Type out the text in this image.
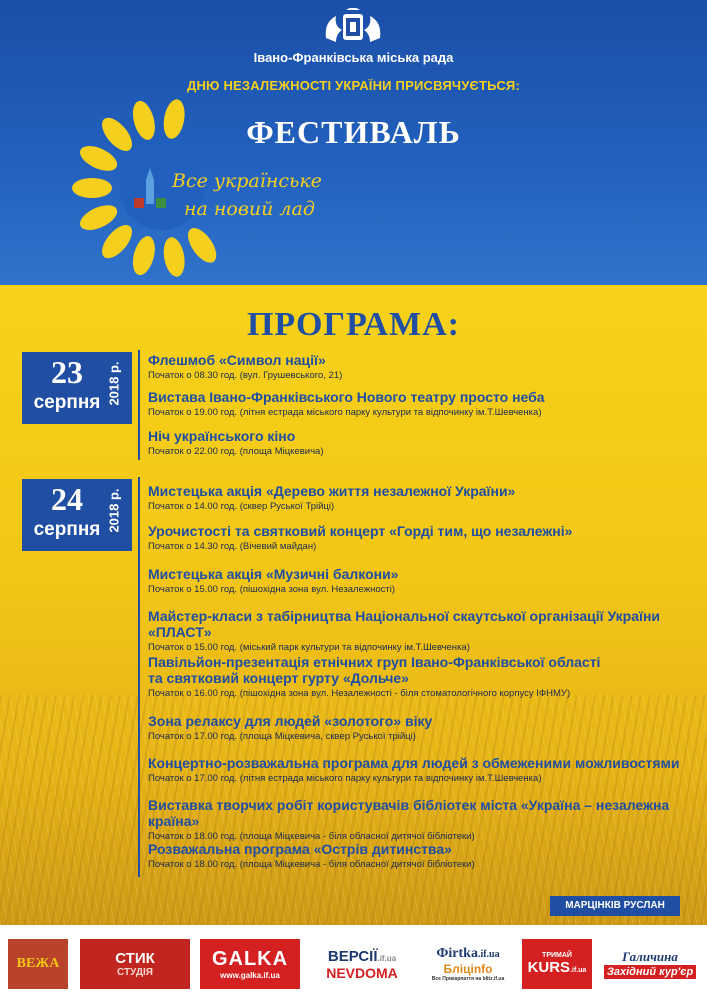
Івано-Франківська міська рада
ДНЮ НЕЗАЛЕЖНОСТІ УКРАЇНИ ПРИСВЯЧУЄТЬСЯ:
ФЕСТИВАЛЬ
Все українське
на новий лад
ПРОГРАМА:
23
серпня 2018 р.
Флешмоб «Символ нації»
Початок о 08.30 год. (вул. Грушевського, 21)
Вистава Івано-Франківського Нового театру просто неба
Початок о 19.00 год. (літня естрада міського парку культури та відпочинку ім.Т.Шевченка)
Ніч українського кіно
Початок о 22.00 год. (площа Міцкевича)
24
серпня 2018 р. Мистецька акція «Дерево життя незалежної України»
Початок о 14.00 год. (сквер Руської Трійці)
Урочистості та святковий концерт «Горді тим, що незалежні»
Початок о 14.30 год. (Вічевий майдан)
Мистецька акція «Музичні балкони»
Початок о 15.00 год. (пішохідна зона вул. Незалежності)
Майстер-класи з табірництва Національної скаутської організації України «ПЛАСТ»
Початок о 15.00 год. (міський парк культури та відпочинку ім.Т.Шевченка)
Павільйон-презентація етнічних груп Івано-Франківської області
та святковий концерт гурту «Дольче»
Початок о 16.00 год. (пішохідна зона вул. Незалежності - біля стоматологічного корпусу ІФНМУ)
Зона релаксу для людей «золотого» віку
Початок о 17.00 год. (площа Міцкевича, сквер Руської трійці)
Концертно-розважальна програма для людей з обмеженими можливостями
Початок о 17.00 год. (літня естрада міського парку культури та відпочинку ім.Т.Шевченка)
Виставка творчих робіт користувачів бібліотек міста «Україна – незалежна країна»
Початок о 18.00 год. (площа Міцкевича - біля обласної дитячої бібліотеки)
Розважальна програма «Острів дитинства»
Початок о 18.00 год. (площа Міцкевича - біля обласної дитячої бібліотеки)
МАРЦІНКІВ РУСЛАН
ВЕЖА	СТИК
СТУДІЯ
GALKA
www.galka.if.ua
ВЕРСІЇ.if.ua
NEVDOMA
Фirtka.if.ua
Бліцinfo
Все Прикарпаття на blitz.if.ua
ТРИМАЙ
KURS.if.ua
Галичина
Західний кур'єр
